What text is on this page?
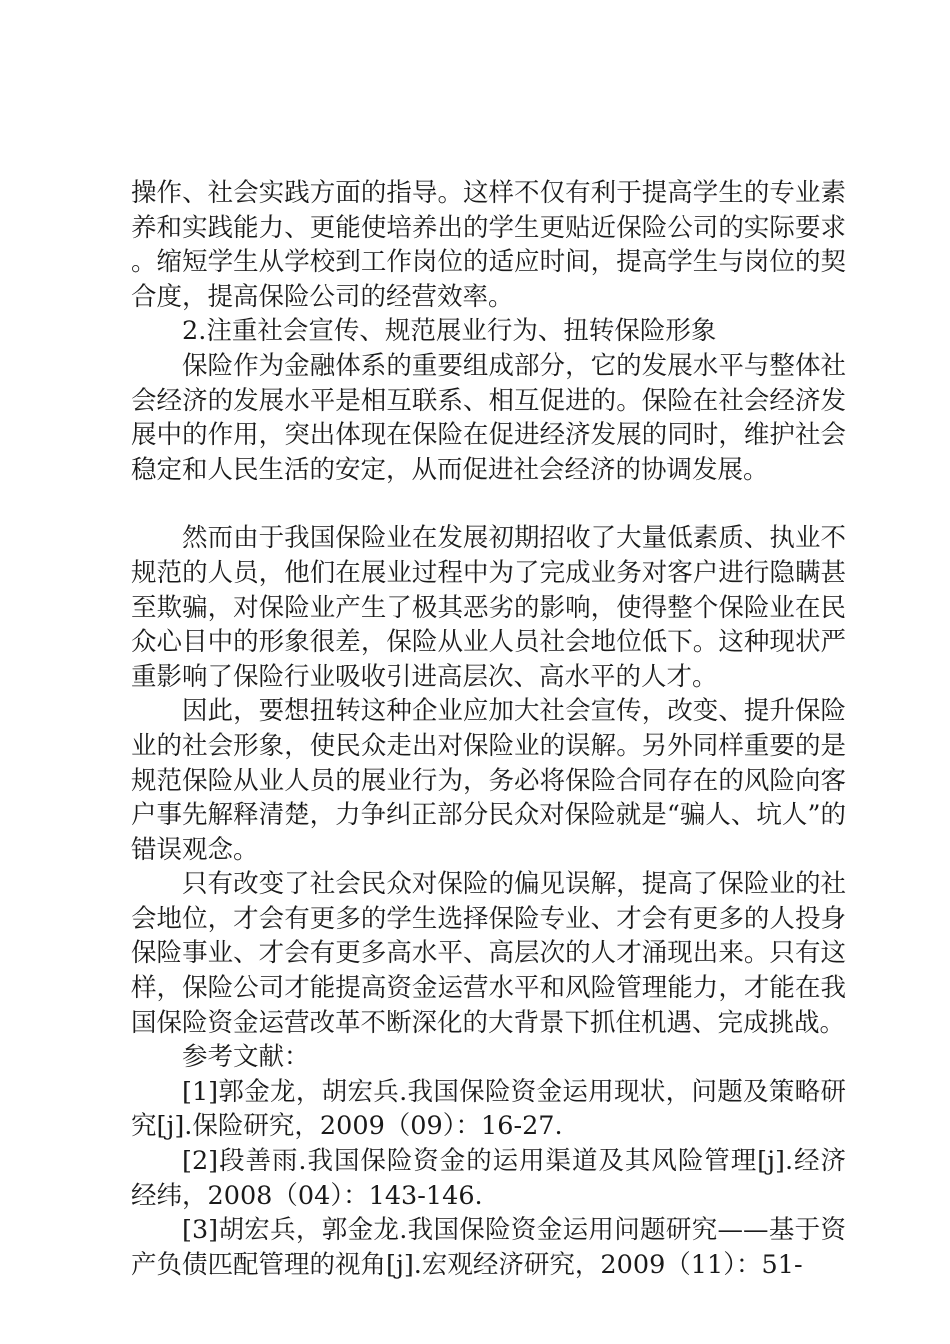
操作、社会实践方面的指导。这样不仅有利于提高学生的专业素养和实践能力、更能使培养出的学生更贴近保险公司的实际要求。缩短学生从学校到工作岗位的适应时间，提高学生与岗位的契合度，提高保险公司的经营效率。

2.注重社会宣传、规范展业行为、扭转保险形象

保险作为金融体系的重要组成部分，它的发展水平与整体社会经济的发展水平是相互联系、相互促进的。保险在社会经济发展中的作用，突出体现在保险在促进经济发展的同时，维护社会稳定和人民生活的安定，从而促进社会经济的协调发展。

然而由于我国保险业在发展初期招收了大量低素质、执业不规范的人员，他们在展业过程中为了完成业务对客户进行隐瞒甚至欺骗，对保险业产生了极其恶劣的影响，使得整个保险业在民众心目中的形象很差，保险从业人员社会地位低下。这种现状严重影响了保险行业吸收引进高层次、高水平的人才。

因此，要想扭转这种企业应加大社会宣传，改变、提升保险业的社会形象，使民众走出对保险业的误解。另外同样重要的是规范保险从业人员的展业行为，务必将保险合同存在的风险向客户事先解释清楚，力争纠正部分民众对保险就是“骗人、坑人”的错误观念。

只有改变了社会民众对保险的偏见误解，提高了保险业的社会地位，才会有更多的学生选择保险专业、才会有更多的人投身保险事业、才会有更多高水平、高层次的人才涌现出来。只有这样，保险公司才能提高资金运营水平和风险管理能力，才能在我国保险资金运营改革不断深化的大背景下抓住机遇、完成挑战。

参考文献：

[1]郭金龙，胡宏兵.我国保险资金运用现状，问题及策略研究[j].保险研究，2009（09）：16-27.

[2]段善雨.我国保险资金的运用渠道及其风险管理[j].经济经纬，2008（04）：143-146.

[3]胡宏兵，郭金龙.我国保险资金运用问题研究——基于资产负债匹配管理的视角[j].宏观经济研究，2009（11）：51-
